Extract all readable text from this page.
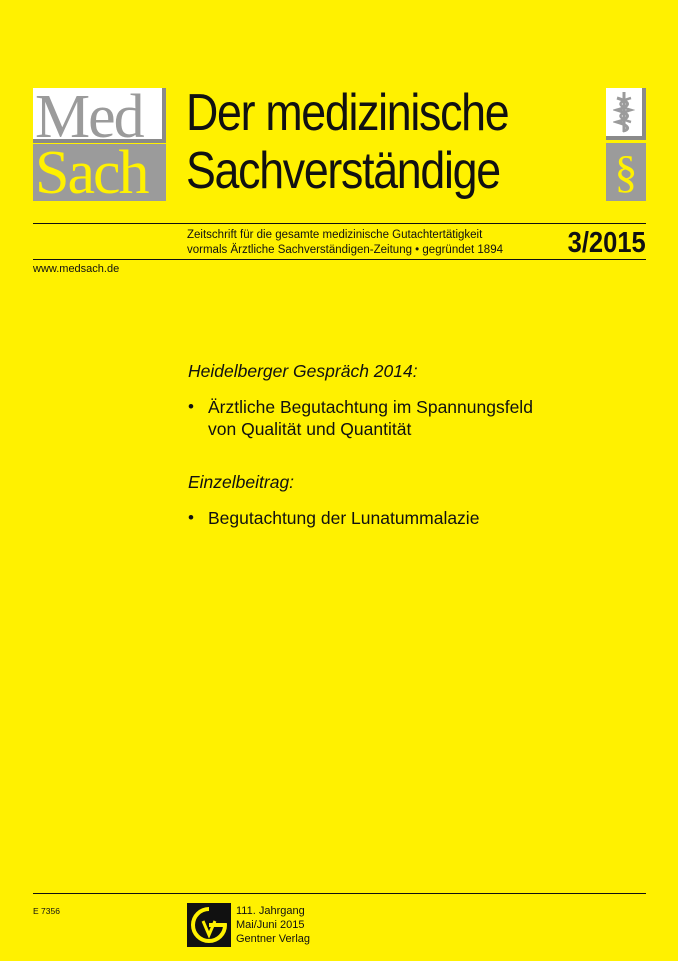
Med
Sach
Der medizinische
Sachverständige §
Zeitschrift für die gesamte medizinische Gutachtertätigkeit
vormals Ärztliche Sachverständigen-Zeitung • gegründet 1894 3/2015
www.medsach.de
Heidelberger Gespräch 2014:
• Ärztliche Begutachtung im Spannungsfeld
von Qualität und Quantität
Einzelbeitrag:
• Begutachtung der Lunatummalazie
E 7356	111. Jahrgang
Mai/Juni 2015
Gentner Verlag
